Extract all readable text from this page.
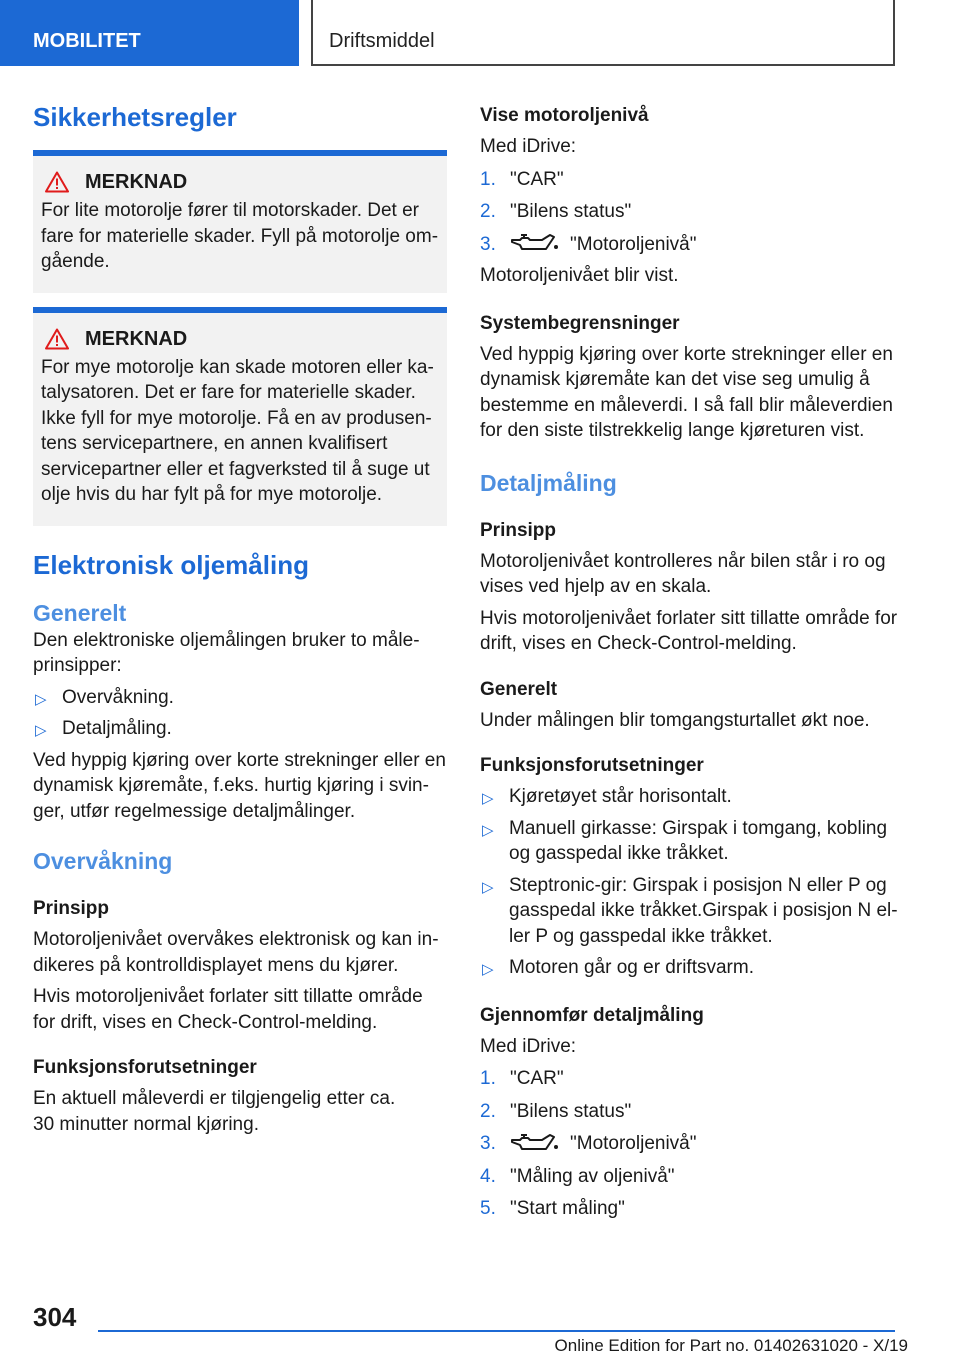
MOBILITET	Driftsmiddel
Sikkerhetsregler
MERKNAD
For lite motorolje fører til motorskader. Det er fare for materielle skader. Fyll på motorolje omgående.
MERKNAD
For mye motorolje kan skade motoren eller katalysatoren. Det er fare for materielle skader. Ikke fyll for mye motorolje. Få en av produsentens servicepartnere, en annen kvalifisert servicepartner eller et fagverksted til å suge ut olje hvis du har fylt på for mye motorolje.
Elektronisk oljemåling
Generelt
Den elektroniske oljemålingen bruker to måleprinsipper:
▷ Overvåkning.
▷ Detaljmåling.
Ved hyppig kjøring over korte strekninger eller en dynamisk kjøremåte, f.eks. hurtig kjøring i svinger, utfør regelmessige detaljmålinger.
Overvåkning
Prinsipp
Motoroljenivået overvåkes elektronisk og kan indikeres på kontrolldisplayet mens du kjører.
Hvis motoroljenivået forlater sitt tillatte område for drift, vises en Check-Control-melding.
Funksjonsforutsetninger
En aktuell måleverdi er tilgjengelig etter ca.
30 minutter normal kjøring.
Vise motoroljenivå
Med iDrive:
1. "CAR"
2. "Bilens status"
3.	"Motoroljenivå"
Motoroljenivået blir vist.
Systembegrensninger
Ved hyppig kjøring over korte strekninger eller en dynamisk kjøremåte kan det vise seg umulig å bestemme en måleverdi. I så fall blir måleverdien for den siste tilstrekkelig lange kjøreturen vist.
Detaljmåling
Prinsipp
Motoroljenivået kontrolleres når bilen står i ro og vises ved hjelp av en skala.
Hvis motoroljenivået forlater sitt tillatte område for drift, vises en Check-Control-melding.
Generelt
Under målingen blir tomgangsturtallet økt noe.
Funksjonsforutsetninger
▷ Kjøretøyet står horisontalt.
▷ Manuell girkasse: Girspak i tomgang, kobling og gasspedal ikke tråkket.
▷ Steptronic-gir: Girspak i posisjon N eller P og gasspedal ikke tråkket.Girspak i posisjon N eller P og gasspedal ikke tråkket.
▷ Motoren går og er driftsvarm.
Gjennomfør detaljmåling
Med iDrive:
1. "CAR"
2. "Bilens status"
3.	"Motoroljenivå"
4. "Måling av oljenivå"
5. "Start måling"
304
Online Edition for Part no. 01402631020 - X/19
